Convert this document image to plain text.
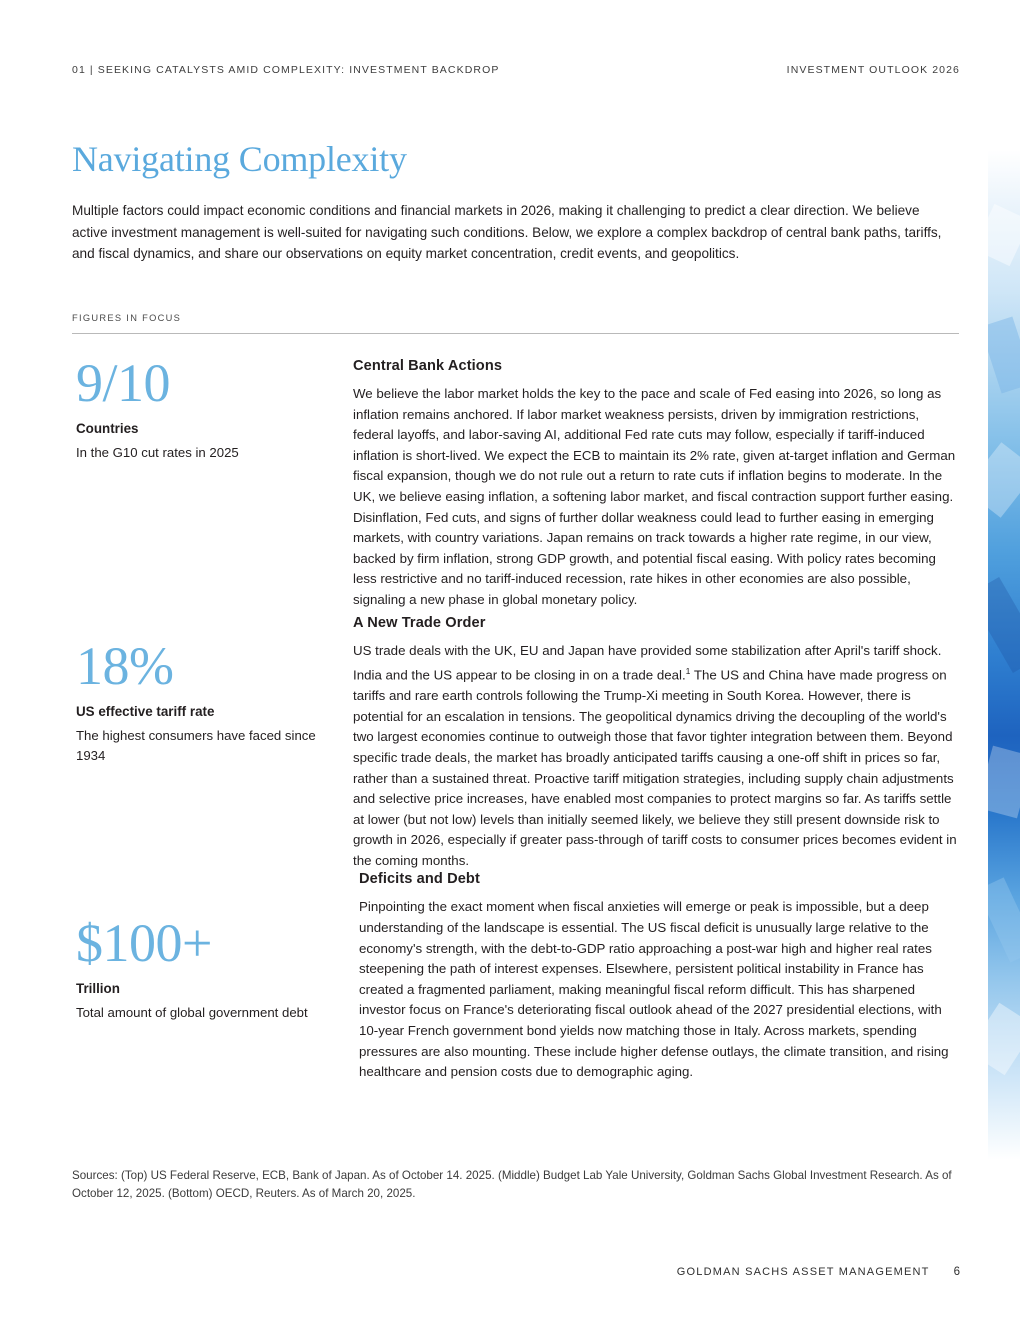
01 | SEEKING CATALYSTS AMID COMPLEXITY: INVESTMENT BACKDROP	INVESTMENT OUTLOOK 2026
Navigating Complexity
Multiple factors could impact economic conditions and financial markets in 2026, making it challenging to predict a clear direction. We believe active investment management is well-suited for navigating such conditions. Below, we explore a complex backdrop of central bank paths, tariffs, and fiscal dynamics, and share our observations on equity market concentration, credit events, and geopolitics.
FIGURES IN FOCUS
9/10
Countries
In the G10 cut rates in 2025
18%
US effective tariff rate
The highest consumers have faced since 1934
$100+
Trillion
Total amount of global government debt
Central Bank Actions

We believe the labor market holds the key to the pace and scale of Fed easing into 2026, so long as inflation remains anchored. If labor market weakness persists, driven by immigration restrictions, federal layoffs, and labor-saving AI, additional Fed rate cuts may follow, especially if tariff-induced inflation is short-lived. We expect the ECB to maintain its 2% rate, given at-target inflation and German fiscal expansion, though we do not rule out a return to rate cuts if inflation begins to moderate. In the UK, we believe easing inflation, a softening labor market, and fiscal contraction support further easing. Disinflation, Fed cuts, and signs of further dollar weakness could lead to further easing in emerging markets, with country variations. Japan remains on track towards a higher rate regime, in our view, backed by firm inflation, strong GDP growth, and potential fiscal easing. With policy rates becoming less restrictive and no tariff-induced recession, rate hikes in other economies are also possible, signaling a new phase in global monetary policy.

A New Trade Order

US trade deals with the UK, EU and Japan have provided some stabilization after April's tariff shock. India and the US appear to be closing in on a trade deal.$^1$ The US and China have made progress on tariffs and rare earth controls following the Trump-Xi meeting in South Korea. However, there is potential for an escalation in tensions. The geopolitical dynamics driving the decoupling of the world's two largest economies continue to outweigh those that favor tighter integration between them. Beyond specific trade deals, the market has broadly anticipated tariffs causing a one-off shift in prices so far, rather than a sustained threat. Proactive tariff mitigation strategies, including supply chain adjustments and selective price increases, have enabled most companies to protect margins so far. As tariffs settle at lower (but not low) levels than initially seemed likely, we believe they still present downside risk to growth in 2026, especially if greater pass-through of tariff costs to consumer prices becomes evident in the coming months.

Deficits and Debt

Pinpointing the exact moment when fiscal anxieties will emerge or peak is impossible, but a deep understanding of the landscape is essential. The US fiscal deficit is unusually large relative to the economy's strength, with the debt-to-GDP ratio approaching a post-war high and higher real rates steepening the path of interest expenses. Elsewhere, persistent political instability in France has created a fragmented parliament, making meaningful fiscal reform difficult. This has sharpened investor focus on France's deteriorating fiscal outlook ahead of the 2027 presidential elections, with 10-year French government bond yields now matching those in Italy. Across markets, spending pressures are also mounting. These include higher defense outlays, the climate transition, and rising healthcare and pension costs due to demographic aging.

Sources: (Top) US Federal Reserve, ECB, Bank of Japan. As of October 14. 2025. (Middle) Budget Lab Yale University, Goldman Sachs Global Investment Research. As of October 12, 2025. (Bottom) OECD, Reuters. As of March 20, 2025.
GOLDMAN SACHS ASSET MANAGEMENT 6
